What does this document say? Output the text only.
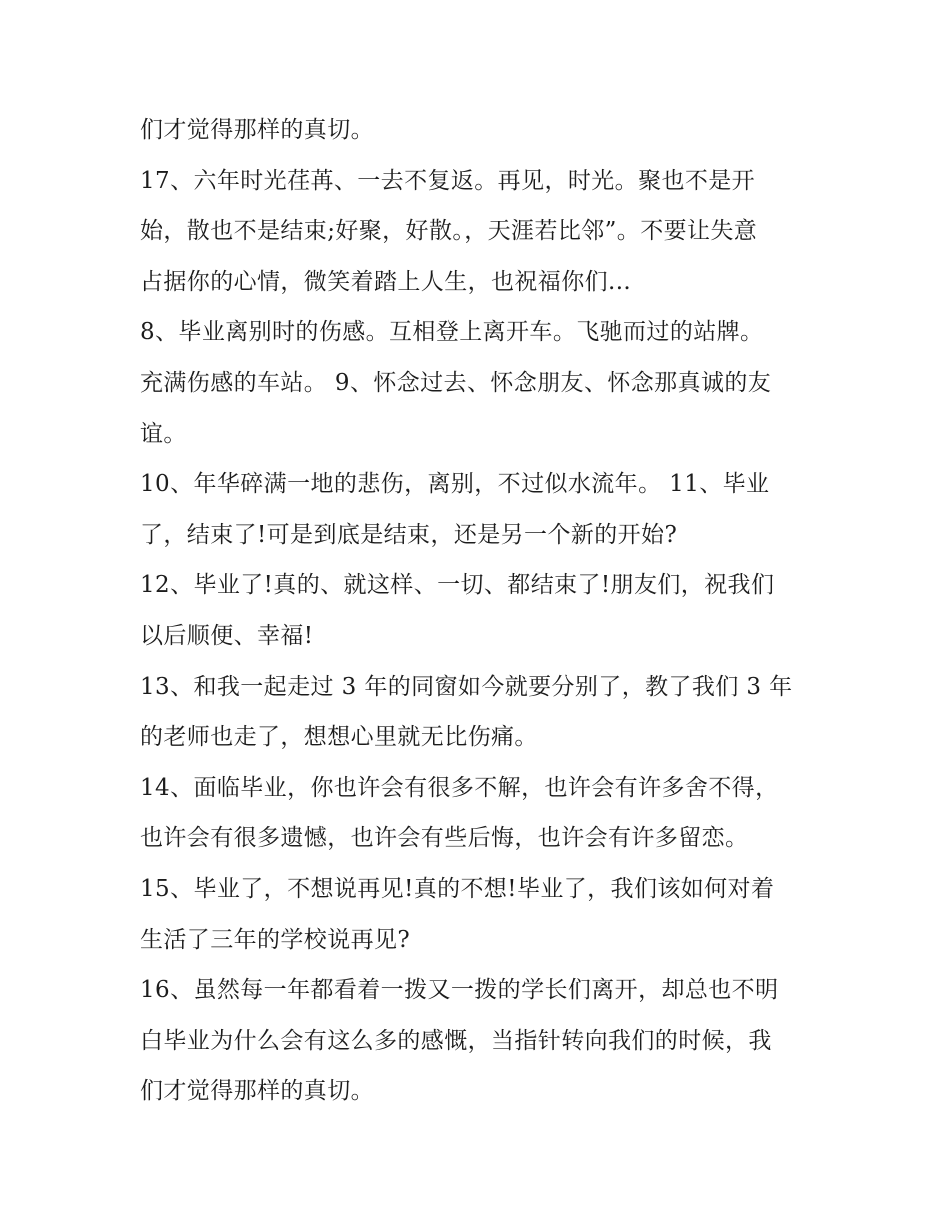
们才觉得那样的真切。

17、六年时光荏苒、一去不复返。再见，时光。聚也不是开

始，散也不是结束;好聚，好散。，天涯若比邻”。不要让失意

占据你的心情，微笑着踏上人生，也祝福你们...

8、毕业离别时的伤感。互相登上离开车。飞驰而过的站牌。

充满伤感的车站。 9、怀念过去、怀念朋友、怀念那真诚的友

谊。

10、年华碎满一地的悲伤，离别，不过似水流年。 11、毕业

了，结束了!可是到底是结束，还是另一个新的开始?

12、毕业了!真的、就这样、一切、都结束了!朋友们，祝我们

以后顺便、幸福!

13、和我一起走过 3 年的同窗如今就要分别了，教了我们 3 年

的老师也走了，想想心里就无比伤痛。

14、面临毕业，你也许会有很多不解，也许会有许多舍不得，

也许会有很多遗憾，也许会有些后悔，也许会有许多留恋。

15、毕业了，不想说再见!真的不想!毕业了，我们该如何对着

生活了三年的学校说再见?

16、虽然每一年都看着一拨又一拨的学长们离开，却总也不明

白毕业为什么会有这么多的感慨，当指针转向我们的时候，我

们才觉得那样的真切。
